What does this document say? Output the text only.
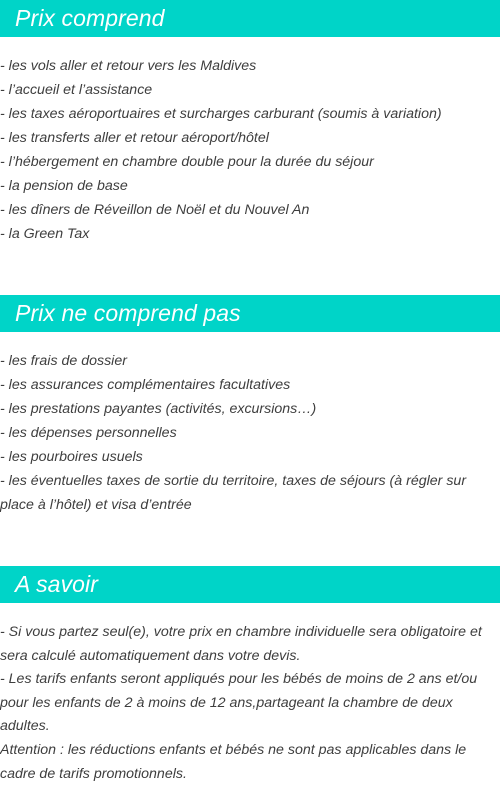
Prix comprend
- les vols aller et retour vers les Maldives
- l’accueil et l’assistance
- les taxes aéroportuaires et surcharges carburant (soumis à variation)
- les transferts aller et retour aéroport/hôtel
- l’hébergement en chambre double pour la durée du séjour
- la pension de base
- les dîners de Réveillon de Noël et du Nouvel An
- la Green Tax
Prix ne comprend pas
- les frais de dossier
- les assurances complémentaires facultatives
- les prestations payantes (activités, excursions…)
- les dépenses personnelles
- les pourboires usuels
- les éventuelles taxes de sortie du territoire, taxes de séjours (à régler sur place à l’hôtel) et visa d’entrée
A savoir

- Si vous partez seul(e), votre prix en chambre individuelle sera obligatoire et sera calculé automatiquement dans votre devis.

- Les tarifs enfants seront appliqués pour les bébés de moins de 2 ans et/ou pour les enfants de 2 à moins de 12 ans,partageant la chambre de deux adultes.

Attention : les réductions enfants et bébés ne sont pas applicables dans le cadre de tarifs promotionnels.
